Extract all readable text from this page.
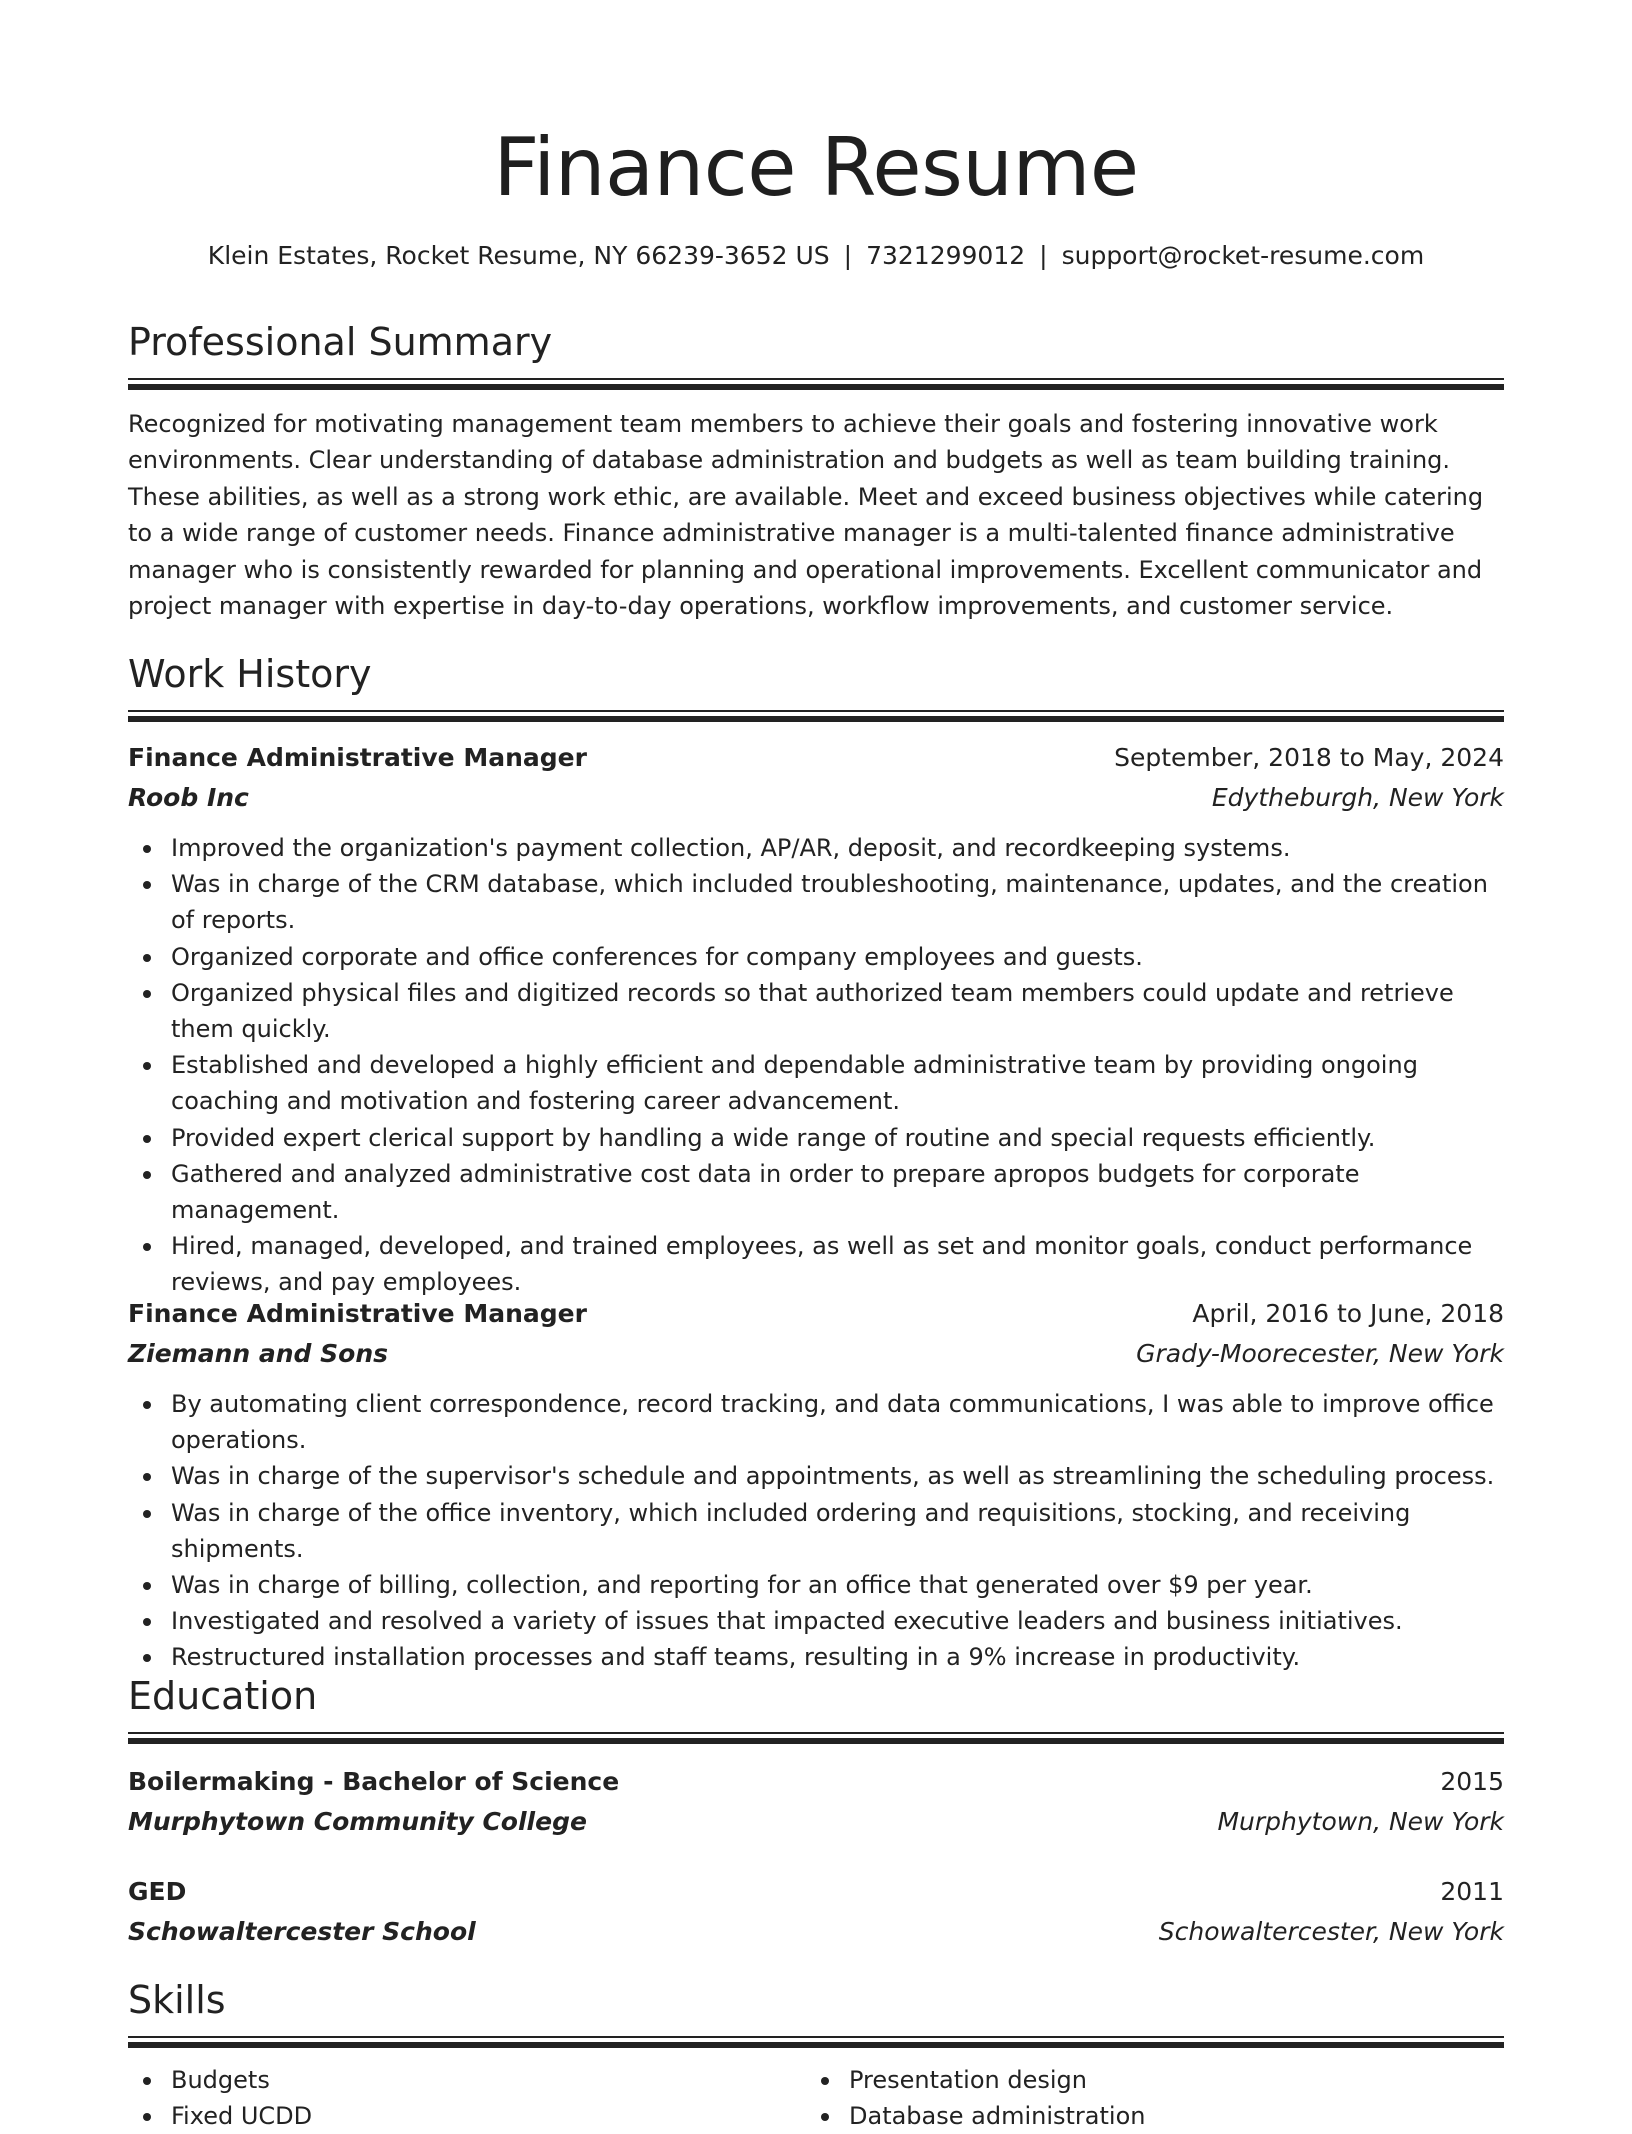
Finance Resume
Klein Estates, Rocket Resume, NY 66239-3652 US | 7321299012 | support@rocket-resume.com
Professional Summary

Recognized for motivating management team members to achieve their goals and fostering innovative work environments. Clear understanding of database administration and budgets as well as team building training. These abilities, as well as a strong work ethic, are available. Meet and exceed business objectives while catering to a wide range of customer needs. Finance administrative manager is a multi-talented finance administrative manager who is consistently rewarded for planning and operational improvements. Excellent communicator and project manager with expertise in day-to-day operations, workflow improvements, and customer service.

Work History
Finance Administrative Manager	September, 2018 to May, 2024
Roob Inc	Edytheburgh, New York
Improved the organization's payment collection, AP/AR, deposit, and recordkeeping systems.
Was in charge of the CRM database, which included troubleshooting, maintenance, updates, and the creation of reports.
Organized corporate and office conferences for company employees and guests.
Organized physical files and digitized records so that authorized team members could update and retrieve them quickly.
Established and developed a highly efficient and dependable administrative team by providing ongoing coaching and motivation and fostering career advancement.
Provided expert clerical support by handling a wide range of routine and special requests efficiently.
Gathered and analyzed administrative cost data in order to prepare apropos budgets for corporate management.
Hired, managed, developed, and trained employees, as well as set and monitor goals, conduct performance reviews, and pay employees.
Finance Administrative Manager	April, 2016 to June, 2018
Ziemann and Sons	Grady-Moorecester, New York
By automating client correspondence, record tracking, and data communications, I was able to improve office operations.
Was in charge of the supervisor's schedule and appointments, as well as streamlining the scheduling process.
Was in charge of the office inventory, which included ordering and requisitions, stocking, and receiving shipments.
Was in charge of billing, collection, and reporting for an office that generated over $9 per year.
Investigated and resolved a variety of issues that impacted executive leaders and business initiatives.
Restructured installation processes and staff teams, resulting in a 9% increase in productivity.
Education
Boilermaking - Bachelor of Science	2015
Murphytown Community College	Murphytown, New York
GED	2011
Schowaltercester School	Schowaltercester, New York
Skills
Budgets
Fixed UCDD
Presentation design
Database administration
